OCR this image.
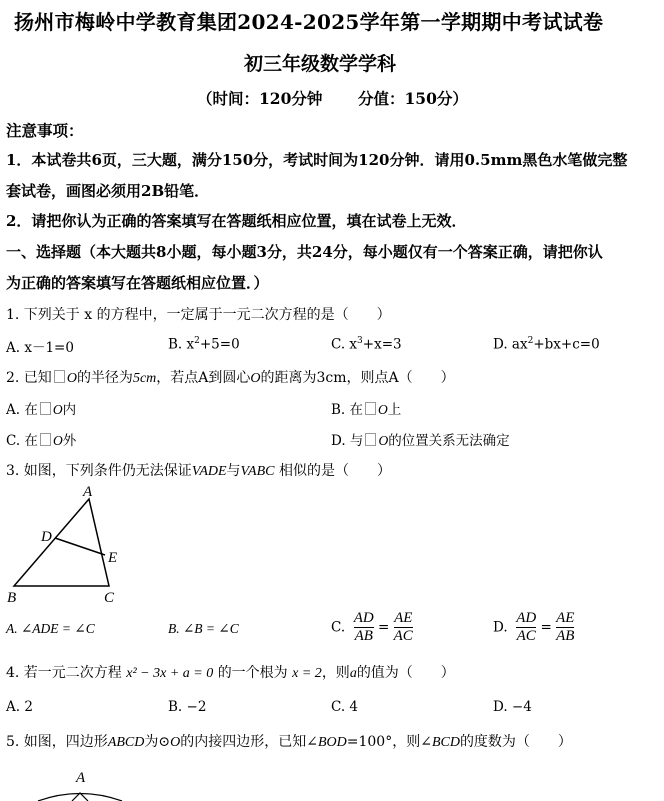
扬州市梅岭中学教育集团2024-2025学年第一学期期中考试试卷
初三年级数学学科
（时间：120分钟 分值：150分）
注意事项：
1．本试卷共6页，三大题，满分150分，考试时间为120分钟．请用0.5mm黑色水笔做完整
套试卷，画图必须用2B铅笔．
2．请把你认为正确的答案填写在答题纸相应位置，填在试卷上无效．
一、选择题（本大题共8小题，每小题3分，共24分，每小题仅有一个答案正确，请把你认
为正确的答案填写在答题纸相应位置．）
1. 下列关于 x 的方程中，一定属于一元二次方程的是（　　）
A. x－1=0	B. $x^2+5=0$	C. $x^3+x=3$	D. $ax^2+bx+c=0$
2. 已知 O的半径为5cm，若点A到圆心O的距离为3cm，则点A（　　）
A. 在 O内	B. 在 O上
C. 在 O外	D. 与 O的位置关系无法确定
3. 如图，下列条件仍无法保证VADE与VABC 相似的是（　　）
A
D
E
B	C
A. ∠ADE = ∠C	B. ∠B = ∠C	C. $\frac{AD}{AB} = \frac{AE}{AC}$	D. $\frac{AD}{AC} = \frac{AE}{AB}$
4. 若一元二次方程 x² − 3x + a = 0 的一个根为 x = 2，则a的值为（　　）
A. 2	B. −2	C. 4	D. −4
5. 如图，四边形ABCD为⊙O的内接四边形，已知∠BOD=100°，则∠BCD的度数为（　　）
A
